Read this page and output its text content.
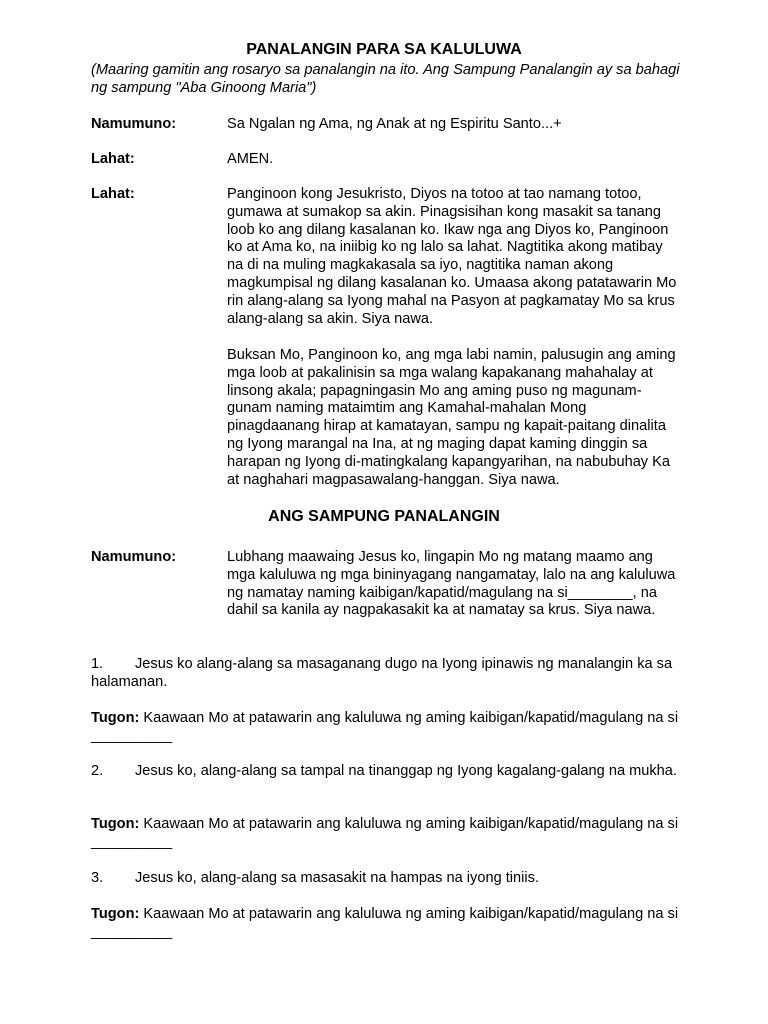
PANALANGIN PARA SA KALULUWA
(Maaring gamitin ang rosaryo sa panalangin na ito. Ang Sampung Panalangin ay sa bahagi ng sampung "Aba Ginoong Maria")
Namumuno:	Sa Ngalan ng Ama, ng Anak at ng Espiritu Santo...+
Lahat:	AMEN.
Lahat:	Panginoon kong Jesukristo, Diyos na totoo at tao namang totoo, gumawa at sumakop sa akin. Pinagsisihan kong masakit sa tanang loob ko ang dilang kasalanan ko. Ikaw nga ang Diyos ko, Panginoon ko at Ama ko, na iniibig ko ng lalo sa lahat. Nagtitika akong matibay na di na muling magkakasala sa iyo, nagtitika naman akong magkumpisal ng dilang kasalanan ko. Umaasa akong patatawarin Mo rin alang-alang sa Iyong mahal na Pasyon at pagkamatay Mo sa krus alang-alang sa akin. Siya nawa.
Buksan Mo, Panginoon ko, ang mga labi namin, palusugin ang aming mga loob at pakalinisin sa mga walang kapakanang mahahalay at linsong akala; papagningasin Mo ang aming puso ng magunam-gunam naming mataimtim ang Kamahal-mahalan Mong pinagdaanang hirap at kamatayan, sampu ng kapait-paitang dinalita ng Iyong marangal na Ina, at ng maging dapat kaming dinggin sa harapan ng Iyong di-matingkalang kapangyarihan, na nabubuhay Ka at naghahari magpasawalang-hanggan. Siya nawa.
ANG SAMPUNG PANALANGIN
Namumuno:	Lubhang maawaing Jesus ko, lingapin Mo ng matang maamo ang mga kaluluwa ng mga bininyagang nangamatay, lalo na ang kaluluwa ng namatay naming kaibigan/kapatid/magulang na si________, na dahil sa kanila ay nagpakasakit ka at namatay sa krus. Siya nawa.
1. Jesus ko alang-alang sa masaganang dugo na Iyong ipinawis ng manalangin ka sa halamanan.
Tugon: Kaawaan Mo at patawarin ang kaluluwa ng aming kaibigan/kapatid/magulang na si __________
2. Jesus ko, alang-alang sa tampal na tinanggap ng Iyong kagalang-galang na mukha.
Tugon: Kaawaan Mo at patawarin ang kaluluwa ng aming kaibigan/kapatid/magulang na si __________
3. Jesus ko, alang-alang sa masasakit na hampas na iyong tiniis.
Tugon: Kaawaan Mo at patawarin ang kaluluwa ng aming kaibigan/kapatid/magulang na si __________
